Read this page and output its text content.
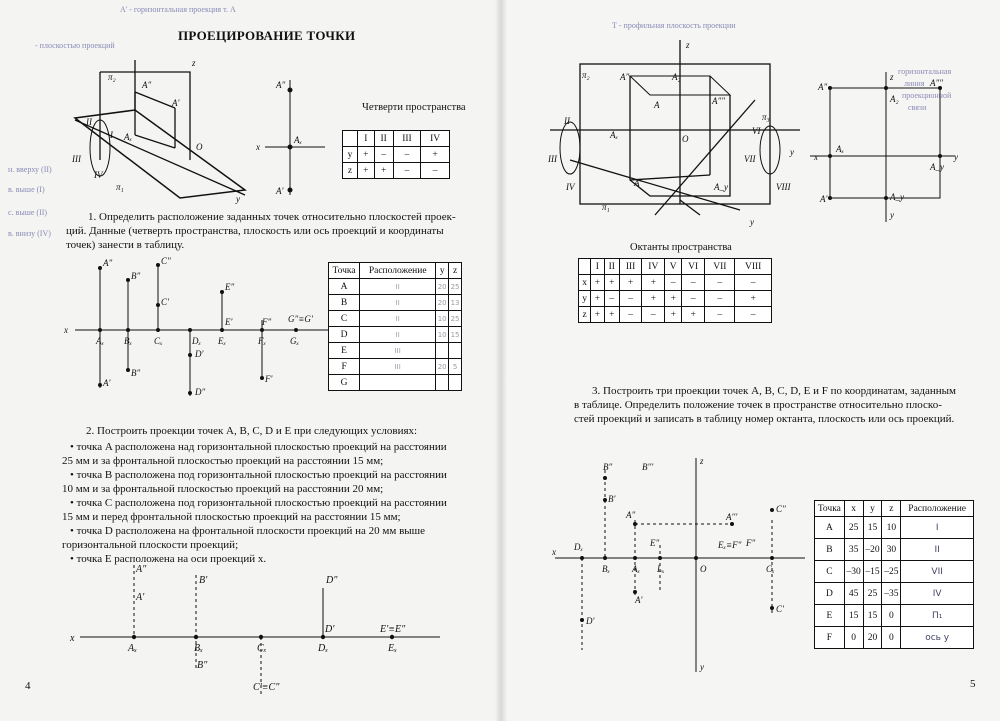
ПРОЕЦИРОВАНИЕ ТОЧКИ
А' - горизонтальная проекция т. А
- плоскостью проекций
н. вверху (II)
в. выше (I)
с. выше (II)
в. внизу (IV)
π₂
z
A"
A'
Aₓ
O
π₁
y
II
I
III
IV
A"
x
Aₓ
A'
x
A"
Aₓ
A'
B"
Bₓ
B"
C"
C'
Cₓ	Dₓ
D'
D"
E"
E'
Eₓ
F"
Fₓ
F'
G"≡G'
Gₓ
x
A"
A'
Aₓ
B'
Bₓ
B"
Cₓ
C'≡C"
D"
D'
Dₓ
E'≡E"
Eₓ
Четверти пространства
	I	II	III	IV
y	+	–	–	+
z	+	+	–	–
1. Определить расположение заданных точек относительно плоскостей проек-
ций. Данные (четверть пространства, плоскость или ось проекций и координаты
точек) занести в таблицу.
Точка	Расположение	y	z
A	II	20	25
B	II	20	13
C	II	10	25
D	II	10	15
E	III		
F	III	20	5
G			
2. Построить проекции точек A, B, C, D и E при следующих условиях:
• точка A расположена над горизонтальной плоскостью проекций на расстоянии
25 мм и за фронтальной плоскостью проекций на расстоянии 15 мм;
• точка B расположена под горизонтальной плоскостью проекций на расстоянии
10 мм и за фронтальной плоскостью проекций на расстоянии 20 мм;
• точка C расположена под горизонтальной плоскостью проекций на расстоянии
15 мм и перед фронтальной плоскостью проекций на расстоянии 15 мм;
• точка D расположена на фронтальной плоскости проекций на 20 мм выше
горизонтальной плоскости проекций;
• точка E расположена на оси проекций x.
4
Т - профильная плоскость проекции
горизонтальная
линия
проекционной
связи
π₂
z
A"	A₂
A	A""
Aₓ	O
A'	A_y
π₃
π₁
y
y
II
III
IV
VI
VII
VIII
A"
z
A₂
A""
x
Aₓ
A_y
y
A_y
A'
y
x
z
y
O
Bₓ Aₓ Lₓ
Dₓ
Cₓ
B"	B'''
B'
A"
A'
E"	Eₓ≡F" F"
A'''
C"
C'
D'
Октанты пространства
	I	II	III	IV	V	VI	VII	VIII
x	+	+	+	+	–	–	–	–
y	+	–	–	+	+	–	–	+
z	+	+	–	–	+	+	–	–
3. Построить три проекции точек A, B, C, D, E и F по координатам, заданным
в таблице. Определить положение точек в пространстве относительно плоско-
стей проекций и записать в таблицу номер октанта, плоскость или ось проекций.
Точка	x	y	z	Расположение
A	25	15	10	I
B	35	–20	30	II
C	–30	–15	–25	VII
D	45	25	–35	IV
E	15	15	0	П₁
F	0	20	0	ось y
5
